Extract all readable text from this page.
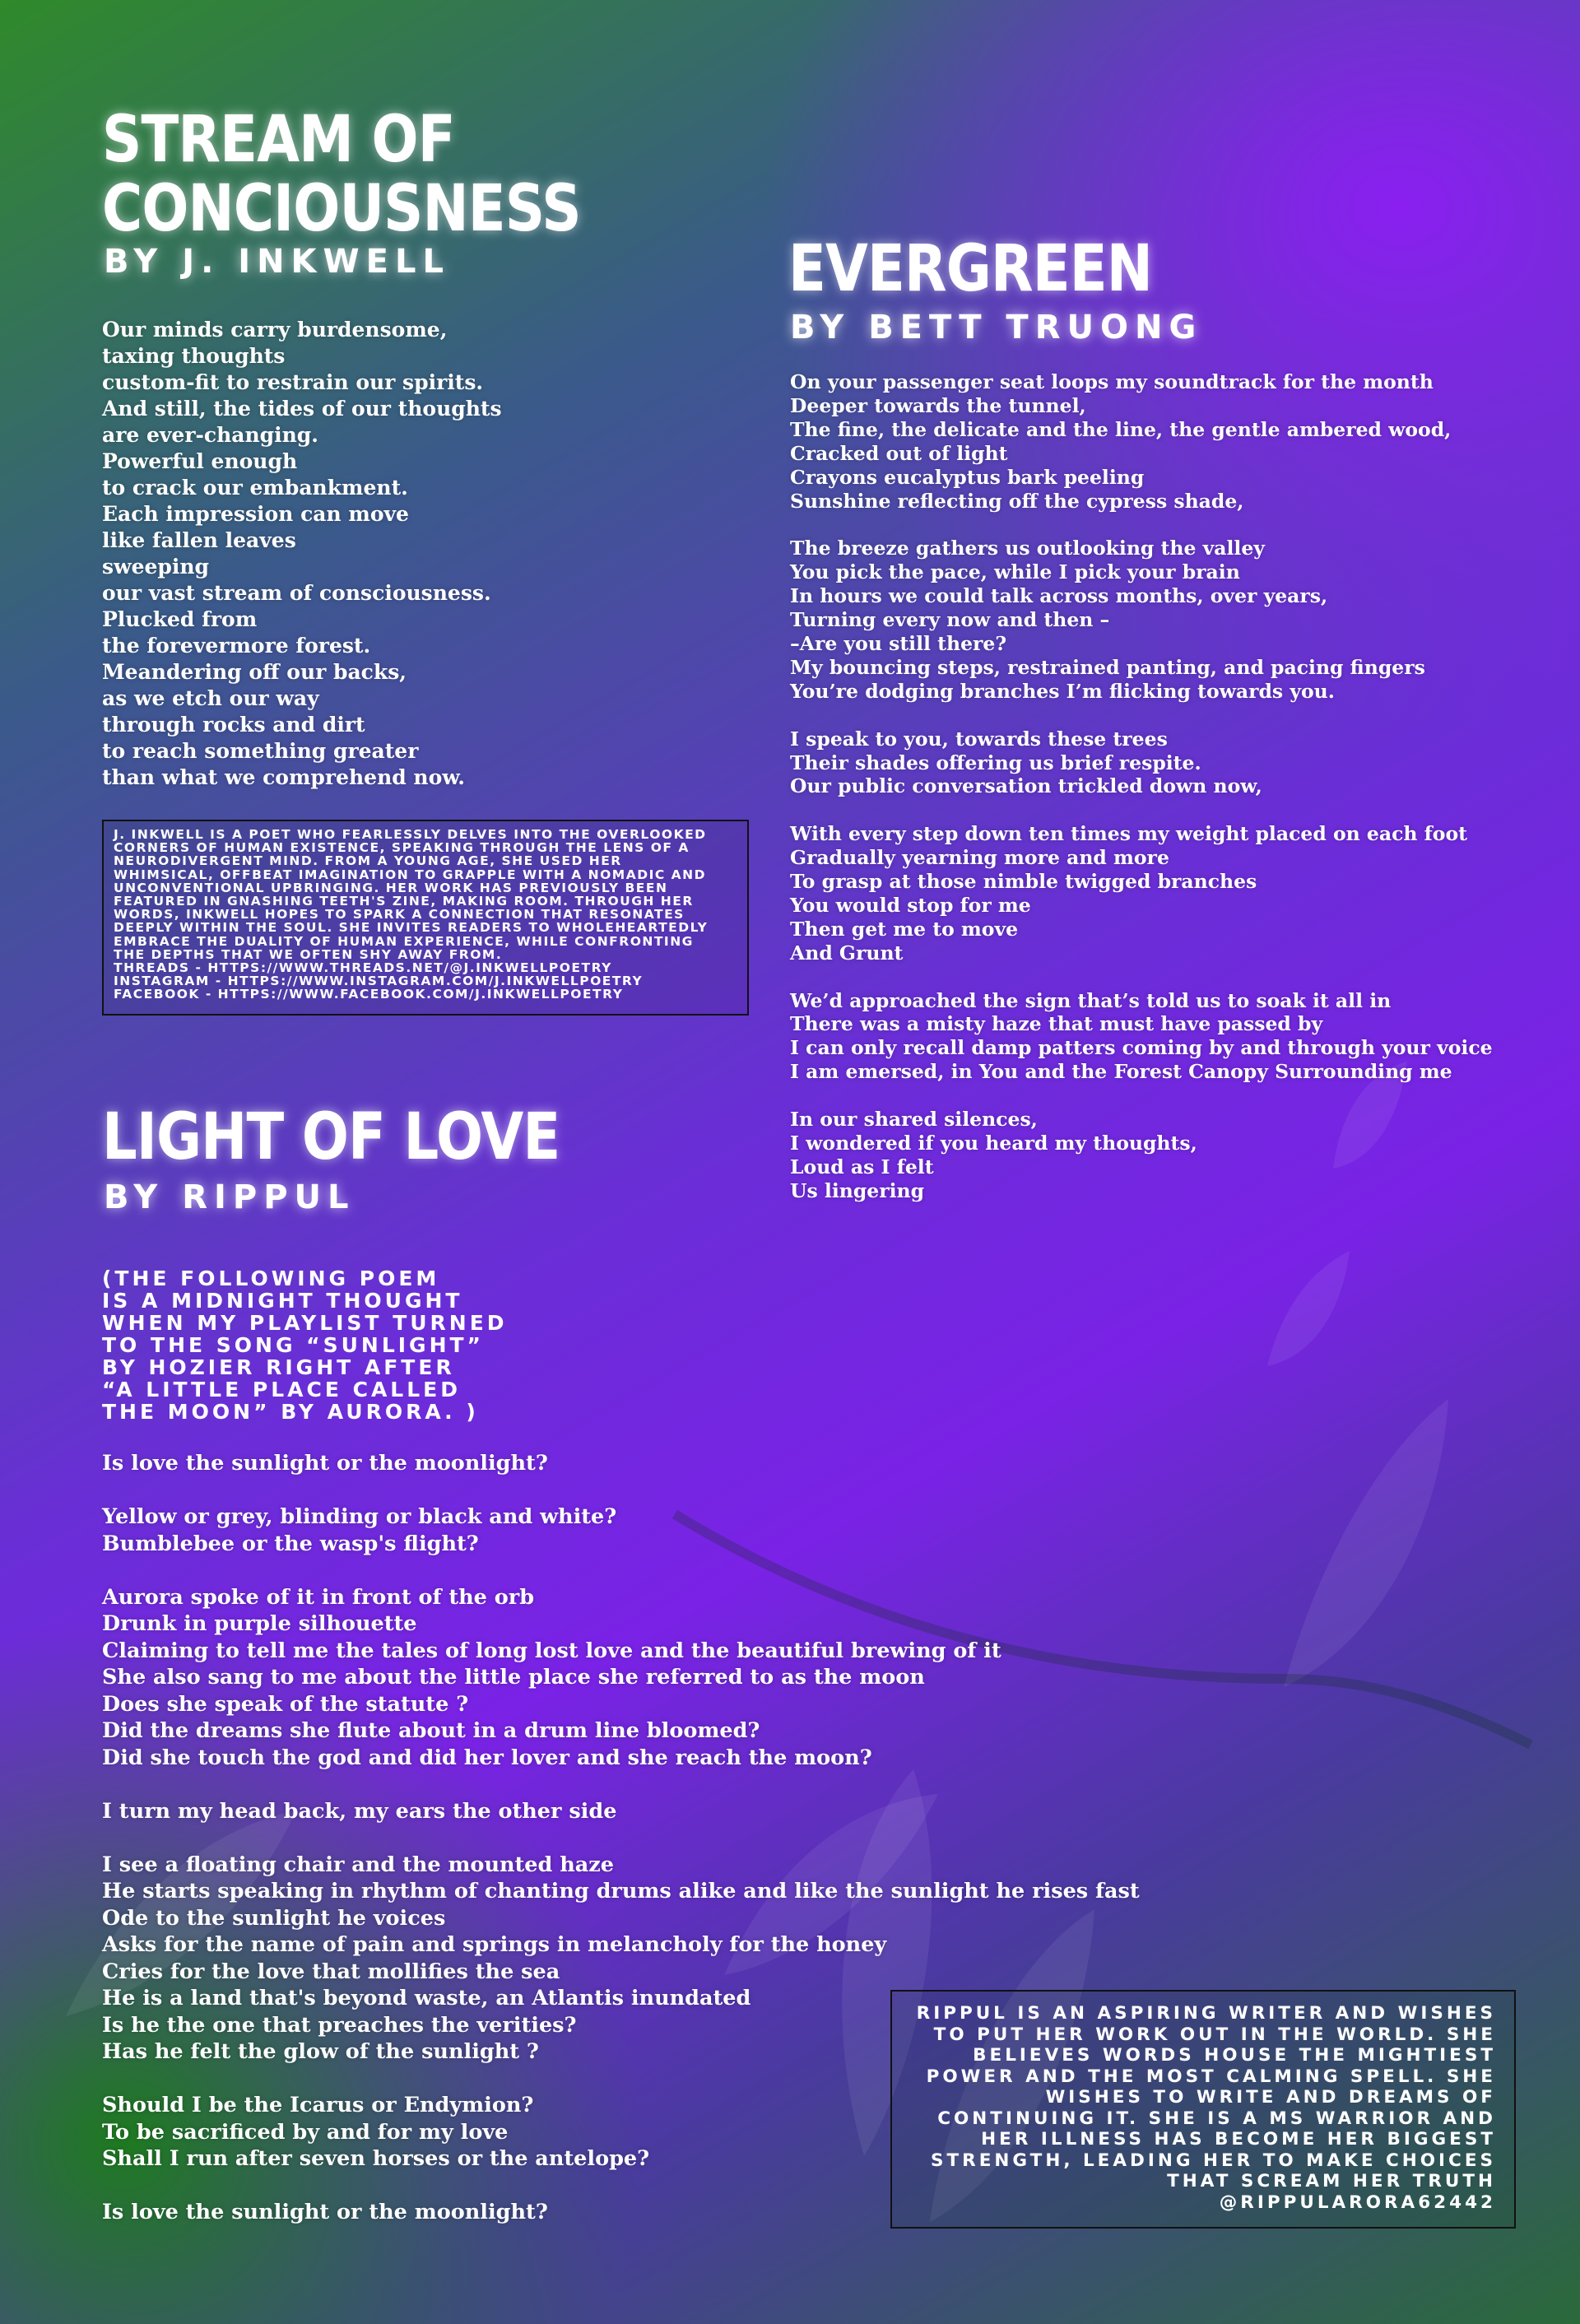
STREAM OF
CONCIOUSNESS
BY J. INKWELL

Our minds carry burdensome,
taxing thoughts
custom-fit to restrain our spirits.
And still, the tides of our thoughts
are ever-changing.
Powerful enough
to crack our embankment.
Each impression can move
like fallen leaves
sweeping
our vast stream of consciousness.
Plucked from
the forevermore forest.
Meandering off our backs,
as we etch our way
through rocks and dirt
to reach something greater
than what we comprehend now.

J. INKWELL IS A POET WHO FEARLESSLY DELVES INTO THE OVERLOOKED
CORNERS OF HUMAN EXISTENCE, SPEAKING THROUGH THE LENS OF A
NEURODIVERGENT MIND. FROM A YOUNG AGE, SHE USED HER
WHIMSICAL, OFFBEAT IMAGINATION TO GRAPPLE WITH A NOMADIC AND
UNCONVENTIONAL UPBRINGING. HER WORK HAS PREVIOUSLY BEEN
FEATURED IN GNASHING TEETH'S ZINE, MAKING ROOM. THROUGH HER
WORDS, INKWELL HOPES TO SPARK A CONNECTION THAT RESONATES
DEEPLY WITHIN THE SOUL. SHE INVITES READERS TO WHOLEHEARTEDLY
EMBRACE THE DUALITY OF HUMAN EXPERIENCE, WHILE CONFRONTING
THE DEPTHS THAT WE OFTEN SHY AWAY FROM.
THREADS - HTTPS://WWW.THREADS.NET/@J.INKWELLPOETRY
INSTAGRAM - HTTPS://WWW.INSTAGRAM.COM/J.INKWELLPOETRY
FACEBOOK - HTTPS://WWW.FACEBOOK.COM/J.INKWELLPOETRY
LIGHT OF LOVE
BY RIPPUL

(THE FOLLOWING POEM
IS A MIDNIGHT THOUGHT
WHEN MY PLAYLIST TURNED
TO THE SONG “SUNLIGHT”
BY HOZIER RIGHT AFTER
“A LITTLE PLACE CALLED
THE MOON” BY AURORA. )

Is love the sunlight or the moonlight?

Yellow or grey, blinding or black and white?
Bumblebee or the wasp's flight?

Aurora spoke of it in front of the orb
Drunk in purple silhouette
Claiming to tell me the tales of long lost love and the beautiful brewing of it
She also sang to me about the little place she referred to as the moon
Does she speak of the statute ?
Did the dreams she flute about in a drum line bloomed?
Did she touch the god and did her lover and she reach the moon?

I turn my head back, my ears the other side

I see a floating chair and the mounted haze
He starts speaking in rhythm of chanting drums alike and like the sunlight he rises fast
Ode to the sunlight he voices
Asks for the name of pain and springs in melancholy for the honey
Cries for the love that mollifies the sea
He is a land that's beyond waste, an Atlantis inundated
Is he the one that preaches the verities?
Has he felt the glow of the sunlight ?

Should I be the Icarus or Endymion?
To be sacrificed by and for my love
Shall I run after seven horses or the antelope?

Is love the sunlight or the moonlight?

RIPPUL IS AN ASPIRING WRITER AND WISHES
TO PUT HER WORK OUT IN THE WORLD. SHE
BELIEVES WORDS HOUSE THE MIGHTIEST
POWER AND THE MOST CALMING SPELL. SHE
WISHES TO WRITE AND DREAMS OF
CONTINUING IT. SHE IS A MS WARRIOR AND
HER ILLNESS HAS BECOME HER BIGGEST
STRENGTH, LEADING HER TO MAKE CHOICES
THAT SCREAM HER TRUTH
@RIPPULARORA62442
EVERGREEN
BY BETT TRUONG

On your passenger seat loops my soundtrack for the month
Deeper towards the tunnel,
The fine, the delicate and the line, the gentle ambered wood,
Cracked out of light
Crayons eucalyptus bark peeling
Sunshine reflecting off the cypress shade,

The breeze gathers us outlooking the valley
You pick the pace, while I pick your brain
In hours we could talk across months, over years,
Turning every now and then –
–Are you still there?
My bouncing steps, restrained panting, and pacing fingers
You’re dodging branches I’m flicking towards you.

I speak to you, towards these trees
Their shades offering us brief respite.
Our public conversation trickled down now,

With every step down ten times my weight placed on each foot
Gradually yearning more and more
To grasp at those nimble twigged branches
You would stop for me
Then get me to move
And Grunt

We’d approached the sign that’s told us to soak it all in
There was a misty haze that must have passed by
I can only recall damp patters coming by and through your voice
I am emersed, in You and the Forest Canopy Surrounding me

In our shared silences,
I wondered if you heard my thoughts,
Loud as I felt
Us lingering
